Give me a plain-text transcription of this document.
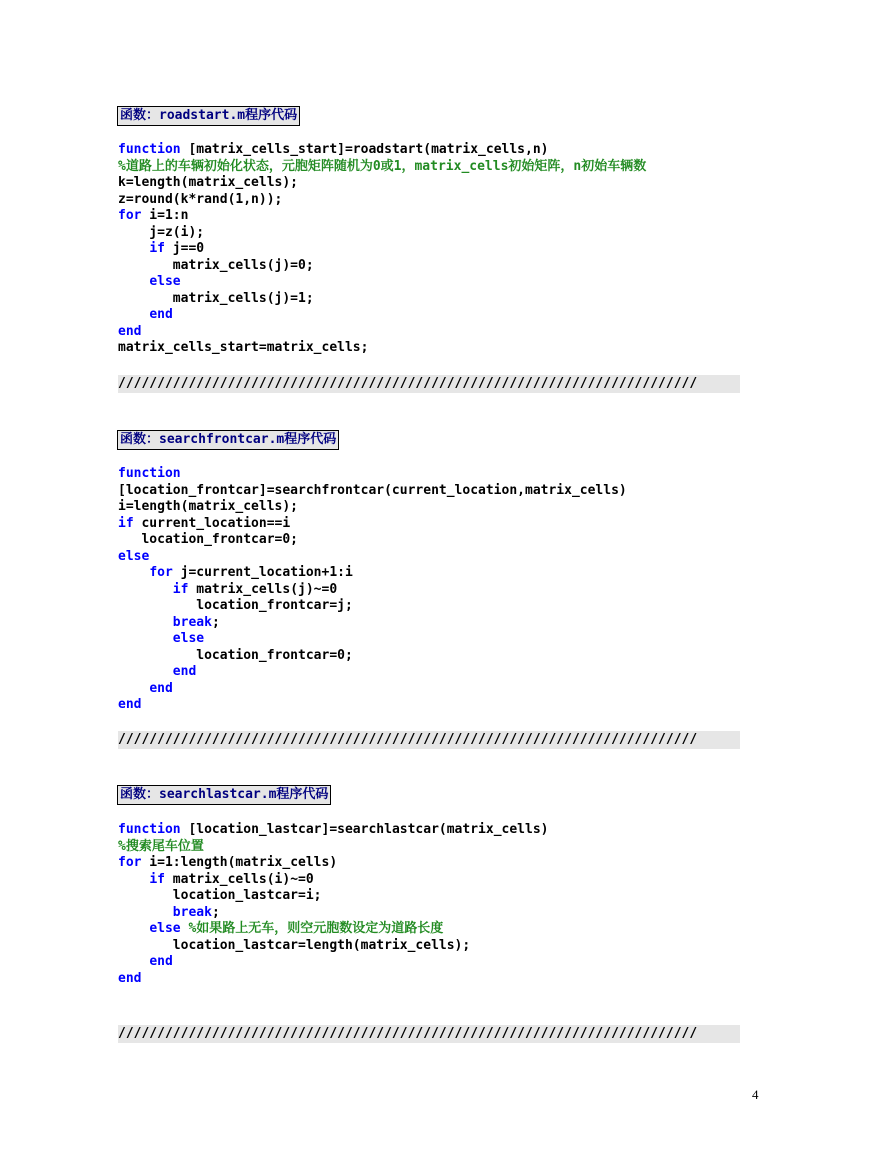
函数：roadstart.m程序代码
function [matrix_cells_start]=roadstart(matrix_cells,n)
%道路上的车辆初始化状态，元胞矩阵随机为0或1，matrix_cells初始矩阵，n初始车辆数
k=length(matrix_cells);
z=round(k*rand(1,n));
for i=1:n
j=z(i);
if j==0
matrix_cells(j)=0;
else
matrix_cells(j)=1;
end
end
matrix_cells_start=matrix_cells;
//////////////////////////////////////////////////////////////////////////
函数：searchfrontcar.m程序代码
function
[location_frontcar]=searchfrontcar(current_location,matrix_cells)
i=length(matrix_cells);
if current_location==i
location_frontcar=0;
else
for j=current_location+1:i
if matrix_cells(j)~=0
location_frontcar=j;
break;
else
location_frontcar=0;
end
end
end
//////////////////////////////////////////////////////////////////////////
函数：searchlastcar.m程序代码
function [location_lastcar]=searchlastcar(matrix_cells)
%搜索尾车位置
for i=1:length(matrix_cells)
if matrix_cells(i)~=0
location_lastcar=i;
break;
else %如果路上无车，则空元胞数设定为道路长度
location_lastcar=length(matrix_cells);
end
end
//////////////////////////////////////////////////////////////////////////
4
